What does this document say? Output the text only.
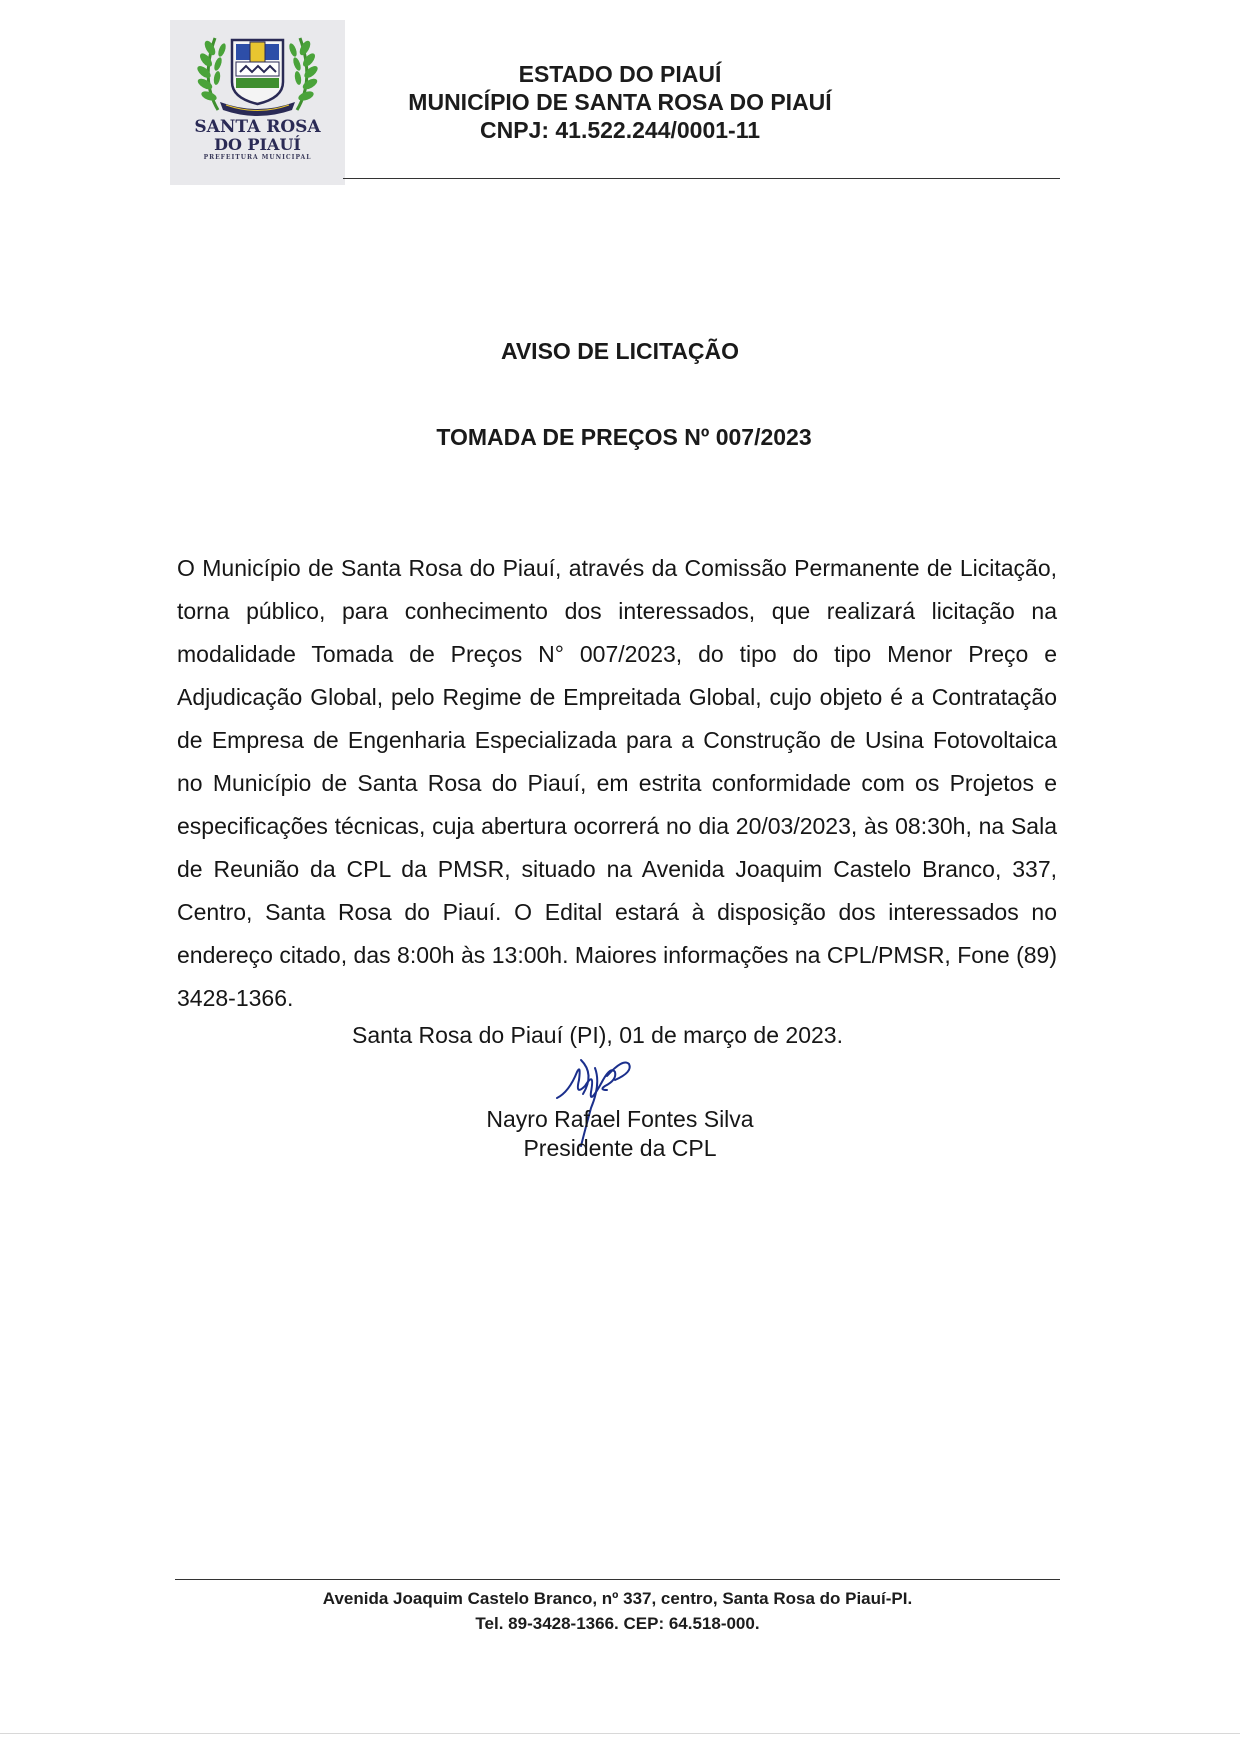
SANTA ROSA
DO PIAUÍ
PREFEITURA MUNICIPAL
ESTADO DO PIAUÍ
MUNICÍPIO DE SANTA ROSA DO PIAUÍ
CNPJ: 41.522.244/0001-11
AVISO DE LICITAÇÃO
TOMADA DE PREÇOS Nº 007/2023
O Município de Santa Rosa do Piauí, através da Comissão Permanente de Licitação, torna público, para conhecimento dos interessados, que realizará licitação na modalidade Tomada de Preços N° 007/2023, do tipo do tipo Menor Preço e Adjudicação Global, pelo Regime de Empreitada Global, cujo objeto é a Contratação de Empresa de Engenharia Especializada para a Construção de Usina Fotovoltaica no Município de Santa Rosa do Piauí, em estrita conformidade com os Projetos e especificações técnicas, cuja abertura ocorrerá no dia 20/03/2023, às 08:30h, na Sala de Reunião da CPL da PMSR, situado na Avenida Joaquim Castelo Branco, 337, Centro, Santa Rosa do Piauí. O Edital estará à disposição dos interessados no endereço citado, das 8:00h às 13:00h. Maiores informações na CPL/PMSR, Fone (89) 3428-1366.
Santa Rosa do Piauí (PI), 01 de março de 2023.
Nayro Rafael Fontes Silva
Presidente da CPL
Avenida Joaquim Castelo Branco, nº 337, centro, Santa Rosa do Piauí-PI.
Tel. 89-3428-1366. CEP: 64.518-000.
